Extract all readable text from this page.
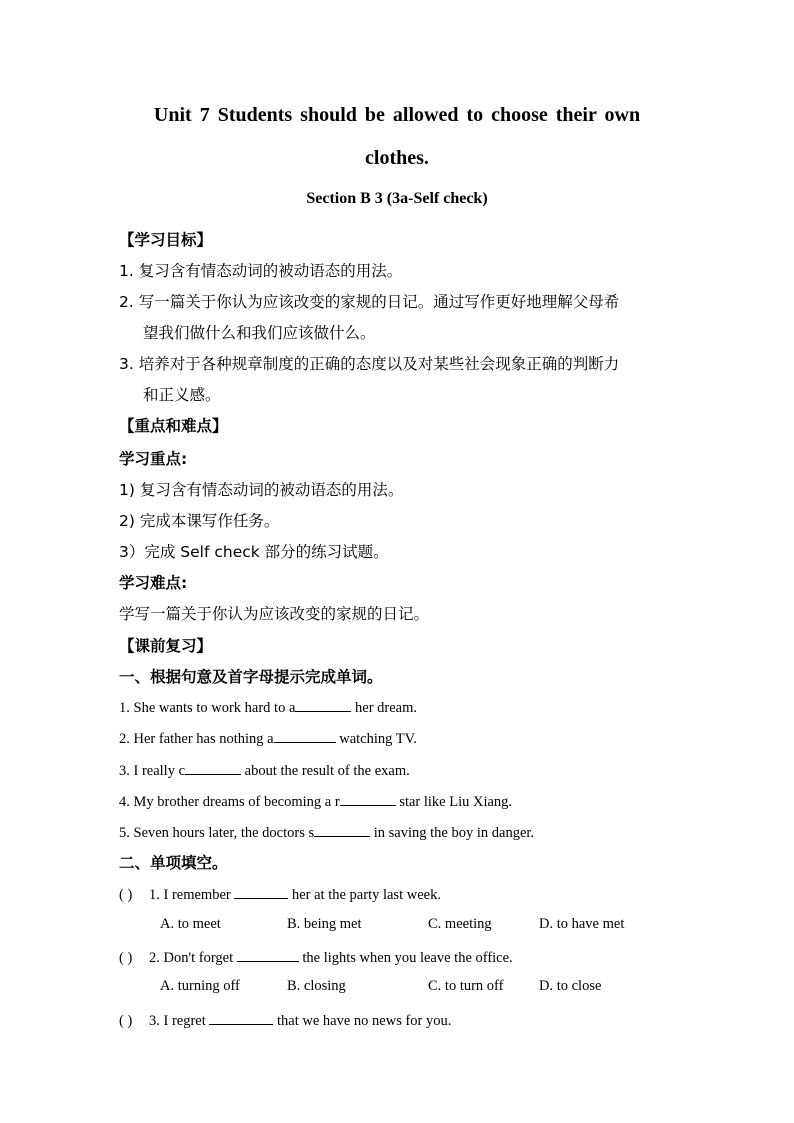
Unit 7 Students should be allowed to choose their own
clothes.
Section B 3 (3a-Self check)
【学习目标】
1. 复习含有情态动词的被动语态的用法。
2. 写一篇关于你认为应该改变的家规的日记。通过写作更好地理解父母希
望我们做什么和我们应该做什么。
3. 培养对于各种规章制度的正确的态度以及对某些社会现象正确的判断力
和正义感。
【重点和难点】
学习重点:
1) 复习含有情态动词的被动语态的用法。
2) 完成本课写作任务。
3）完成 Self check 部分的练习试题。
学习难点:
学写一篇关于你认为应该改变的家规的日记。
【课前复习】
一、根据句意及首字母提示完成单词。
1. She wants to work hard to a	her dream.
2. Her father has nothing a	watching TV.
3. I really c	about the result of the exam.
4. My brother dreams of becoming a r	star like Liu Xiang.
5. Seven hours later, the doctors s	in saving the boy in danger.
二、单项填空。
( ) 1. I remember	her at the party last week.
A. to meet	B. being met	C. meeting	D. to have met
( ) 2. Don't forget	the lights when you leave the office.
A. turning off	B. closing	C. to turn off D. to close
( ) 3. I regret	that we have no news for you.
